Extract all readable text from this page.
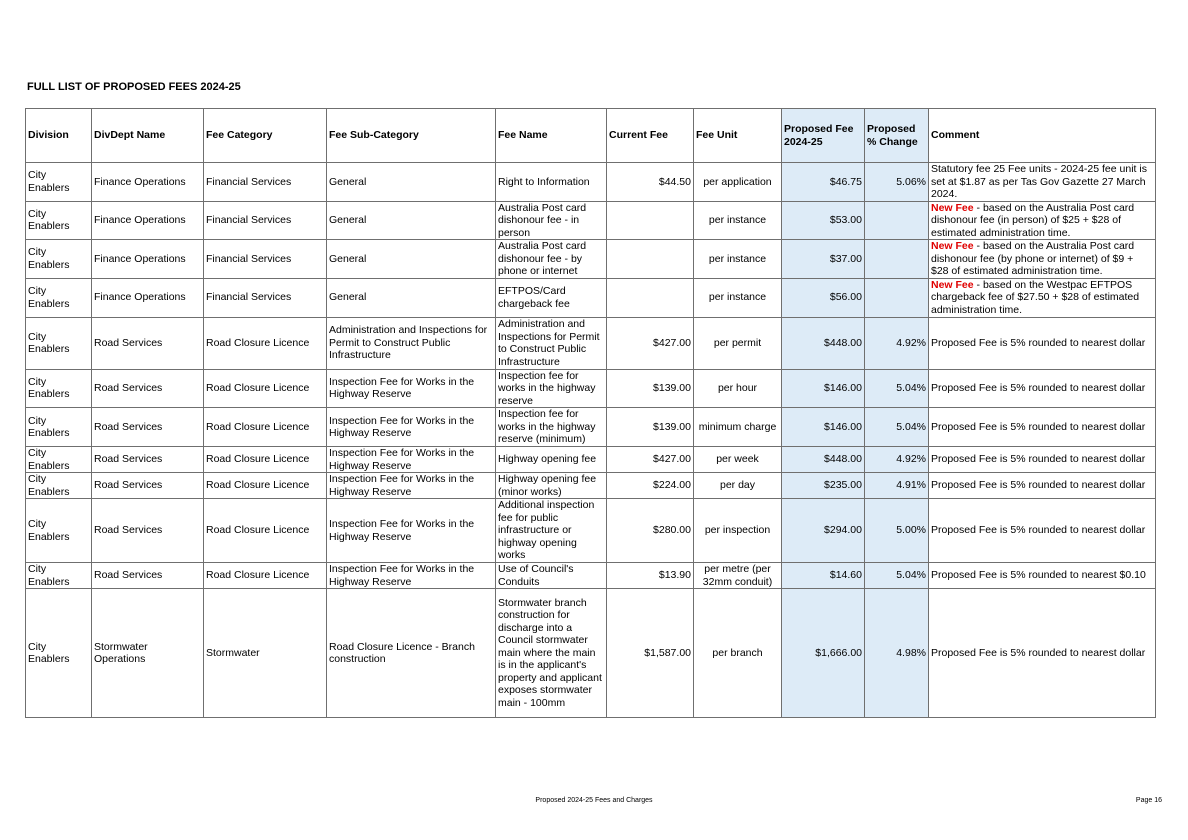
FULL LIST OF PROPOSED FEES 2024-25
Division	DivDept Name	Fee Category	Fee Sub-Category	Fee Name	Current Fee	Fee Unit	Proposed Fee 2024-25	Proposed % Change	Comment
City Enablers	Finance Operations	Financial Services	General	Right to Information	$44.50	per application	$46.75	5.06%	Statutory fee 25 Fee units - 2024-25 fee unit is set at $1.87 as per Tas Gov Gazette 27 March 2024.
City Enablers	Finance Operations	Financial Services	General	Australia Post card dishonour fee - in person		per instance	$53.00		New Fee - based on the Australia Post card dishonour fee (in person) of $25 + $28 of estimated administration time.
City Enablers	Finance Operations	Financial Services	General	Australia Post card dishonour fee - by phone or internet		per instance	$37.00		New Fee - based on the Australia Post card dishonour fee (by phone or internet) of $9 + $28 of estimated administration time.
City Enablers	Finance Operations	Financial Services	General	EFTPOS/Card chargeback fee		per instance	$56.00		New Fee - based on the Westpac EFTPOS chargeback fee of $27.50 + $28 of estimated administration time.
City Enablers	Road Services	Road Closure Licence	Administration and Inspections for Permit to Construct Public Infrastructure	Administration and Inspections for Permit to Construct Public Infrastructure	$427.00	per permit	$448.00	4.92%	Proposed Fee is 5% rounded to nearest dollar
City Enablers	Road Services	Road Closure Licence	Inspection Fee for Works in the Highway Reserve	Inspection fee for works in the highway reserve	$139.00	per hour	$146.00	5.04%	Proposed Fee is 5% rounded to nearest dollar
City Enablers	Road Services	Road Closure Licence	Inspection Fee for Works in the Highway Reserve	Inspection fee for works in the highway reserve (minimum)	$139.00	minimum charge	$146.00	5.04%	Proposed Fee is 5% rounded to nearest dollar
City Enablers	Road Services	Road Closure Licence	Inspection Fee for Works in the Highway Reserve	Highway opening fee	$427.00	per week	$448.00	4.92%	Proposed Fee is 5% rounded to nearest dollar
City Enablers	Road Services	Road Closure Licence	Inspection Fee for Works in the Highway Reserve	Highway opening fee (minor works)	$224.00	per day	$235.00	4.91%	Proposed Fee is 5% rounded to nearest dollar
City Enablers	Road Services	Road Closure Licence	Inspection Fee for Works in the Highway Reserve	Additional inspection fee for public infrastructure or highway opening works	$280.00	per inspection	$294.00	5.00%	Proposed Fee is 5% rounded to nearest dollar
City Enablers	Road Services	Road Closure Licence	Inspection Fee for Works in the Highway Reserve	Use of Council's Conduits	$13.90	per metre (per 32mm conduit)	$14.60	5.04%	Proposed Fee is 5% rounded to nearest $0.10
City Enablers	Stormwater Operations	Stormwater	Road Closure Licence - Branch construction	Stormwater branch construction for discharge into a Council stormwater main where the main is in the applicant's property and applicant exposes stormwater main - 100mm	$1,587.00	per branch	$1,666.00	4.98%	Proposed Fee is 5% rounded to nearest dollar
Proposed 2024-25 Fees and Charges	Page 16
